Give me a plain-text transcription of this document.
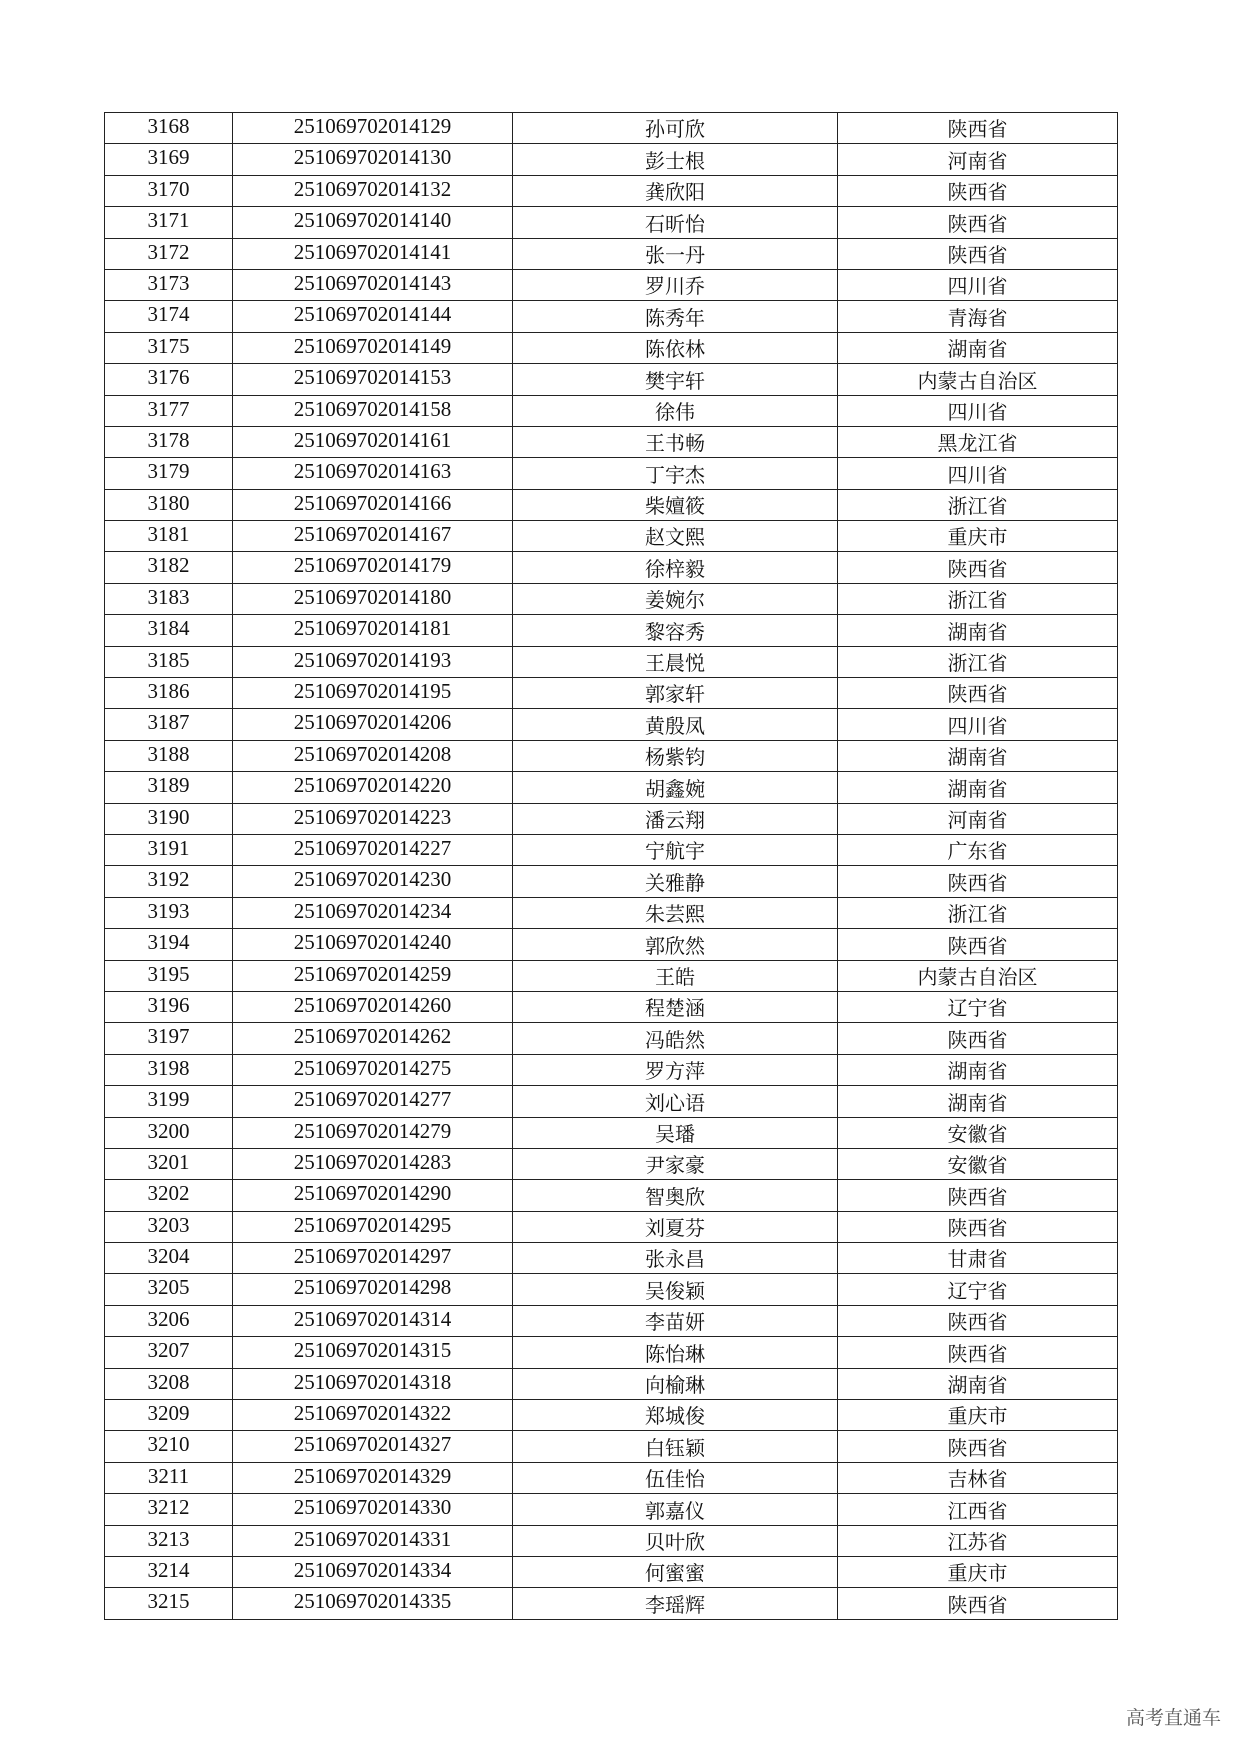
3168	251069702014129	孙可欣	陕西省
3169	251069702014130	彭士根	河南省
3170	251069702014132	龚欣阳	陕西省
3171	251069702014140	石昕怡	陕西省
3172	251069702014141	张一丹	陕西省
3173	251069702014143	罗川乔	四川省
3174	251069702014144	陈秀年	青海省
3175	251069702014149	陈依林	湖南省
3176	251069702014153	樊宇轩	内蒙古自治区
3177	251069702014158	徐伟	四川省
3178	251069702014161	王书畅	黑龙江省
3179	251069702014163	丁宇杰	四川省
3180	251069702014166	柴嬗筱	浙江省
3181	251069702014167	赵文熙	重庆市
3182	251069702014179	徐梓毅	陕西省
3183	251069702014180	姜婉尔	浙江省
3184	251069702014181	黎容秀	湖南省
3185	251069702014193	王晨悦	浙江省
3186	251069702014195	郭家轩	陕西省
3187	251069702014206	黄殷凤	四川省
3188	251069702014208	杨紫钧	湖南省
3189	251069702014220	胡鑫婉	湖南省
3190	251069702014223	潘云翔	河南省
3191	251069702014227	宁航宇	广东省
3192	251069702014230	关雅静	陕西省
3193	251069702014234	朱芸熙	浙江省
3194	251069702014240	郭欣然	陕西省
3195	251069702014259	王皓	内蒙古自治区
3196	251069702014260	程楚涵	辽宁省
3197	251069702014262	冯皓然	陕西省
3198	251069702014275	罗方萍	湖南省
3199	251069702014277	刘心语	湖南省
3200	251069702014279	吴璠	安徽省
3201	251069702014283	尹家豪	安徽省
3202	251069702014290	智奥欣	陕西省
3203	251069702014295	刘夏芬	陕西省
3204	251069702014297	张永昌	甘肃省
3205	251069702014298	吴俊颖	辽宁省
3206	251069702014314	李苗妍	陕西省
3207	251069702014315	陈怡琳	陕西省
3208	251069702014318	向榆琳	湖南省
3209	251069702014322	郑城俊	重庆市
3210	251069702014327	白钰颖	陕西省
3211	251069702014329	伍佳怡	吉林省
3212	251069702014330	郭嘉仪	江西省
3213	251069702014331	贝叶欣	江苏省
3214	251069702014334	何蜜蜜	重庆市
3215	251069702014335	李瑶辉	陕西省
高考直通车
